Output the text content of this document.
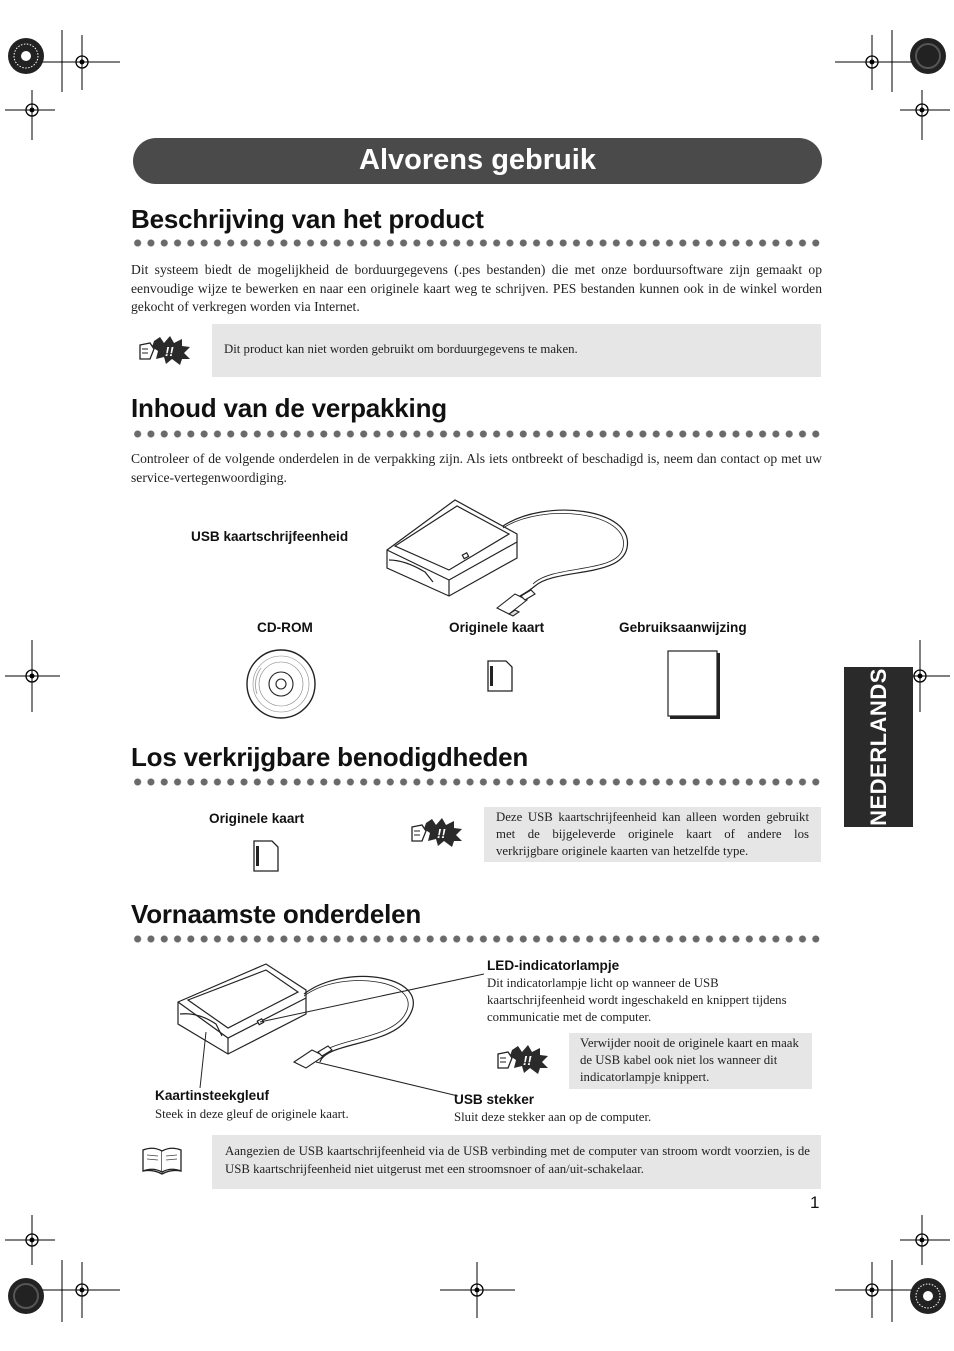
Alvorens gebruik
NEDERLANDS
Beschrijving van het product
Dit systeem biedt de mogelijkheid de borduurgegevens (.pes bestanden) die met onze borduursoftware zijn gemaakt op eenvoudige wijze te bewerken en naar een originele kaart weg te schrijven. PES bestanden kunnen ook in de winkel worden gekocht of verkregen worden via Internet.
!!	Dit product kan niet worden gebruikt om borduurgegevens te maken.
Inhoud van de verpakking
Controleer of de volgende onderdelen in de verpakking zijn. Als iets ontbreekt of beschadigd is, neem dan contact op met uw service-vertegenwoordiging.
USB kaartschrijfeenheid
CD-ROM	Originele kaart	Gebruiksaanwijzing
Los verkrijgbare benodigdheden
Originele kaart
!!
Deze USB kaartschrijfeenheid kan alleen worden gebruikt met de bijgeleverde originele kaart of andere los verkrijgbare originele kaarten van hetzelfde type.
Vornaamste onderdelen
LED-indicatorlampje
Dit indicatorlampje licht op wanneer de USB kaartschrijfeenheid wordt ingeschakeld en knippert tijdens communicatie met de computer.
!!
Verwijder nooit de originele kaart en maak de USB kabel ook niet los wanneer dit indicatorlampje knippert.
Kaartinsteekgleuf
Steek in deze gleuf de originele kaart.
USB stekker
Sluit deze stekker aan op de computer.
Aangezien de USB kaartschrijfeenheid via de USB verbinding met de computer van stroom wordt voorzien, is de USB kaartschrijfeenheid niet uitgerust met een stroomsnoer of aan/uit-schakelaar.
1
